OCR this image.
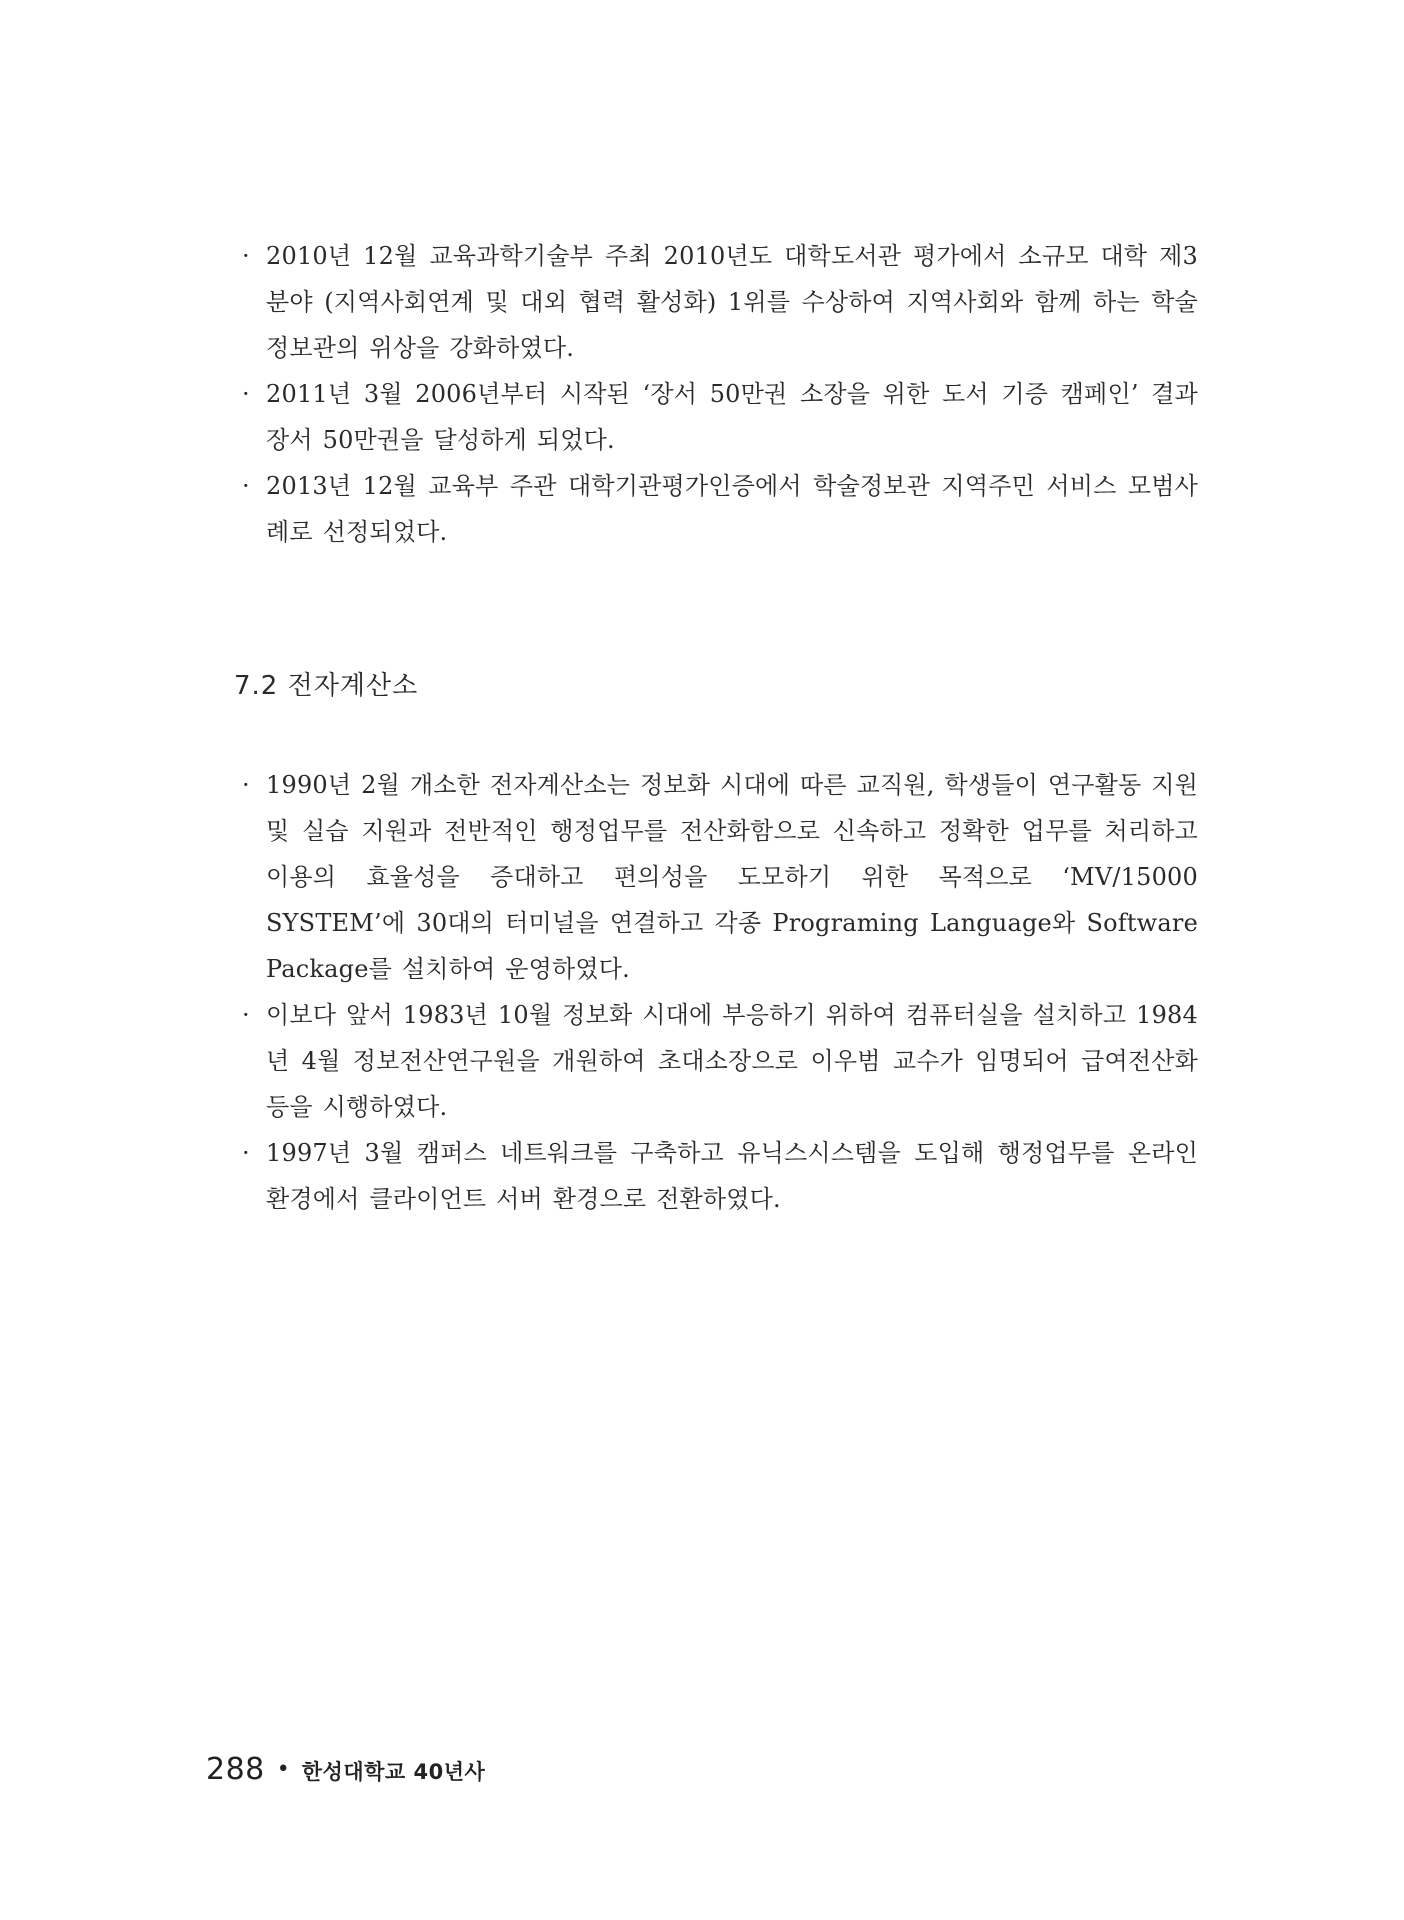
· 2010년 12월 교육과학기술부 주최 2010년도 대학도서관 평가에서 소규모 대학 제3분야 (지역사회연계 및 대외 협력 활성화) 1위를 수상하여 지역사회와 함께 하는 학술정보관의 위상을 강화하였다.
· 2011년 3월 2006년부터 시작된 ‘장서 50만권 소장을 위한 도서 기증 캠페인’ 결과 장서 50만권을 달성하게 되었다.
· 2013년 12월 교육부 주관 대학기관평가인증에서 학술정보관 지역주민 서비스 모범사례로 선정되었다.
7.2 전자계산소
· 1990년 2월 개소한 전자계산소는 정보화 시대에 따른 교직원, 학생들이 연구활동 지원 및 실습 지원과 전반적인 행정업무를 전산화함으로 신속하고 정확한 업무를 처리하고 이용의 효율성을 증대하고 편의성을 도모하기 위한 목적으로 ‘MV/15000 SYSTEM’에 30대의 터미널을 연결하고 각종 Programing Language와 Software Package를 설치하여 운영하였다.
· 이보다 앞서 1983년 10월 정보화 시대에 부응하기 위하여 컴퓨터실을 설치하고 1984년 4월 정보전산연구원을 개원하여 초대소장으로 이우범 교수가 임명되어 급여전산화 등을 시행하였다.
· 1997년 3월 캠퍼스 네트워크를 구축하고 유닉스시스템을 도입해 행정업무를 온라인 환경에서 클라이언트 서버 환경으로 전환하였다.
288 • 한성대학교 40년사
